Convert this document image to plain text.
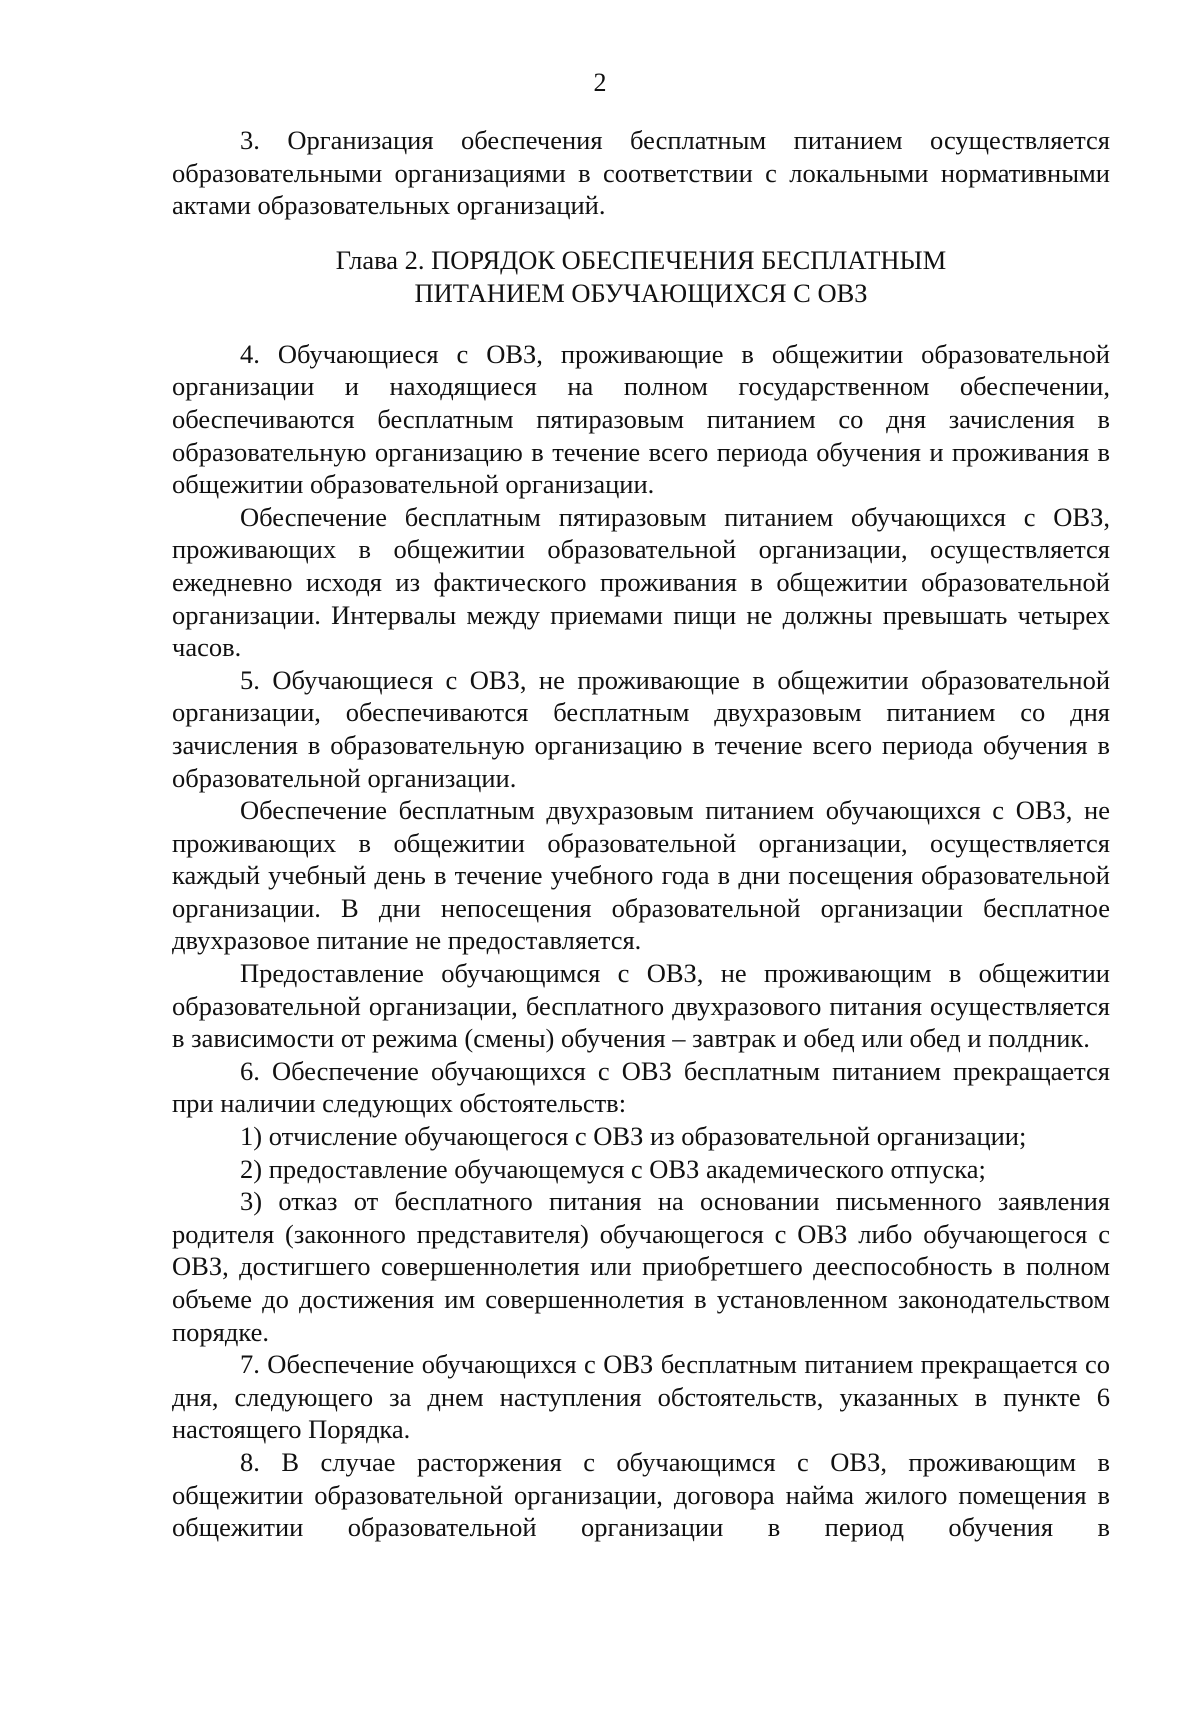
2

3. Организация обеспечения бесплатным питанием осуществляется образовательными организациями в соответствии с локальными нормативными актами образовательных организаций.

Глава 2. ПОРЯДОК ОБЕСПЕЧЕНИЯ БЕСПЛАТНЫМ
ПИТАНИЕМ ОБУЧАЮЩИХСЯ С ОВЗ

4. Обучающиеся с ОВЗ, проживающие в общежитии образовательной организации и находящиеся на полном государственном обеспечении, обеспечиваются бесплатным пятиразовым питанием со дня зачисления в образовательную организацию в течение всего периода обучения и проживания в общежитии образовательной организации.

Обеспечение бесплатным пятиразовым питанием обучающихся с ОВЗ, проживающих в общежитии образовательной организации, осуществляется ежедневно исходя из фактического проживания в общежитии образовательной организации. Интервалы между приемами пищи не должны превышать четырех часов.

5. Обучающиеся с ОВЗ, не проживающие в общежитии образовательной организации, обеспечиваются бесплатным двухразовым питанием со дня зачисления в образовательную организацию в течение всего периода обучения в образовательной организации.

Обеспечение бесплатным двухразовым питанием обучающихся с ОВЗ, не проживающих в общежитии образовательной организации, осуществляется каждый учебный день в течение учебного года в дни посещения образовательной организации. В дни непосещения образовательной организации бесплатное двухразовое питание не предоставляется.

Предоставление обучающимся с ОВЗ, не проживающим в общежитии образовательной организации, бесплатного двухразового питания осуществляется в зависимости от режима (смены) обучения – завтрак и обед или обед и полдник.

6. Обеспечение обучающихся с ОВЗ бесплатным питанием прекращается при наличии следующих обстоятельств:

1) отчисление обучающегося с ОВЗ из образовательной организации;

2) предоставление обучающемуся с ОВЗ академического отпуска;

3) отказ от бесплатного питания на основании письменного заявления родителя (законного представителя) обучающегося с ОВЗ либо обучающегося с ОВЗ, достигшего совершеннолетия или приобретшего дееспособность в полном объеме до достижения им совершеннолетия в установленном законодательством порядке.

7. Обеспечение обучающихся с ОВЗ бесплатным питанием прекращается со дня, следующего за днем наступления обстоятельств, указанных в пункте 6 настоящего Порядка.

8. В случае расторжения с обучающимся с ОВЗ, проживающим в общежитии образовательной организации, договора найма жилого помещения в общежитии образовательной организации в период обучения в
